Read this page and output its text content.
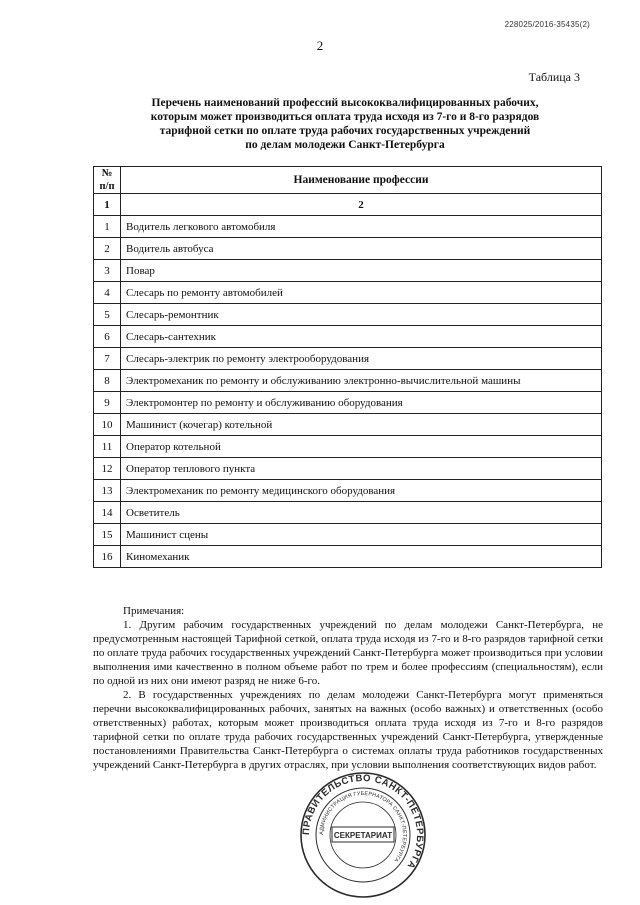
228025/2016-35435(2)
2
Таблица 3
Перечень наименований профессий высококвалифицированных рабочих,
которым может производиться оплата труда исходя из 7-го и 8-го разрядов
тарифной сетки по оплате труда рабочих государственных учреждений
по делам молодежи Санкт-Петербурга
№
п/п	Наименование профессии
1	2
1	Водитель легкового автомобиля
2	Водитель автобуса
3	Повар
4	Слесарь по ремонту автомобилей
5	Слесарь-ремонтник
6	Слесарь-сантехник
7	Слесарь-электрик по ремонту электрооборудования
8	Электромеханик по ремонту и обслуживанию электронно-вычислительной машины
9	Электромонтер по ремонту и обслуживанию оборудования
10	Машинист (кочегар) котельной
11	Оператор котельной
12	Оператор теплового пункта
13	Электромеханик по ремонту медицинского оборудования
14	Осветитель
15	Машинист сцены
16	Киномеханик
Примечания:

1. Другим рабочим государственных учреждений по делам молодежи Санкт-Петербурга, не предусмотренным настоящей Тарифной сеткой, оплата труда исходя из 7-го и 8-го разрядов тарифной сетки по оплате труда рабочих государственных учреждений Санкт-Петербурга может производиться при условии выполнения ими качественно в полном объеме работ по трем и более профессиям (специальностям), если по одной из них они имеют разряд не ниже 6-го.

2. В государственных учреждениях по делам молодежи Санкт-Петербурга могут применяться перечни высококвалифицированных рабочих, занятых на важных (особо важных) и ответственных (особо ответственных) работах, которым может производиться оплата труда исходя из 7-го и 8-го разрядов тарифной сетки по оплате труда рабочих государственных учреждений Санкт-Петербурга, утвержденные постановлениями Правительства Санкт-Петербурга о системах оплаты труда работников государственных учреждений Санкт-Петербурга в других отраслях, при условии выполнения соответствующих видов работ.

ПРАВИТЕЛЬСТВО САНКТ-ПЕТЕРБУРГА
АДМИНИСТРАЦИЯ ГУБЕРНАТОРА САНКТ-ПЕТЕРБУРГА
СЕКРЕТАРИАТ
